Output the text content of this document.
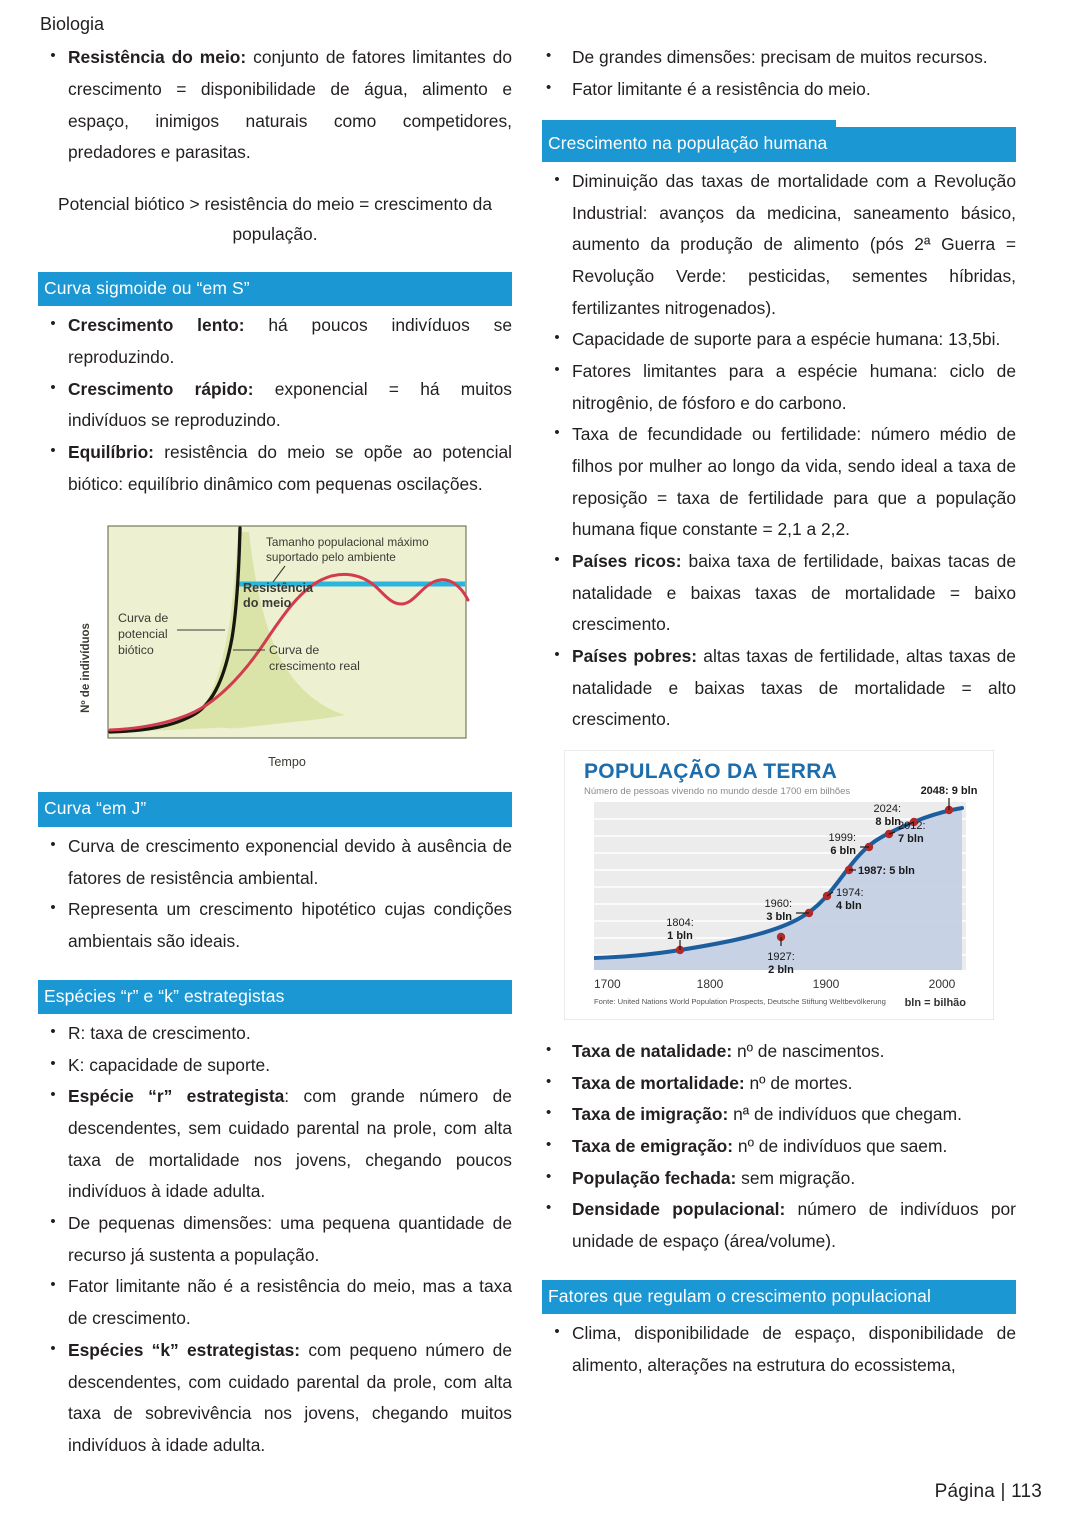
Biologia
• Resistência do meio: conjunto de fatores limitantes do crescimento = disponibilidade de água, alimento e espaço, inimigos naturais como competidores, predadores e parasitas.

Potencial biótico > resistência do meio = crescimento da população.

Curva sigmoide ou “em S”
• Crescimento lento: há poucos indivíduos se reproduzindo.
• Crescimento rápido: exponencial = há muitos indivíduos se reproduzindo.
• Equilíbrio: resistência do meio se opõe ao potencial biótico: equilíbrio dinâmico com pequenas oscilações.
Nº de indivíduos
Tamanho populacional máximo
suportado pelo ambiente
Resistência
do meio
Curva de
potencial
biótico	Curva de
crescimento real
Tempo
Curva “em J”
• Curva de crescimento exponencial devido à ausência de fatores de resistência ambiental.
• Representa um crescimento hipotético cujas condições ambientais são ideais.
Espécies “r” e “k” estrategistas
• R: taxa de crescimento.
• K: capacidade de suporte.
• Espécie “r” estrategista: com grande número de descendentes, sem cuidado parental na prole, com alta taxa de mortalidade nos jovens, chegando poucos indivíduos à idade adulta.
• De pequenas dimensões: uma pequena quantidade de recurso já sustenta a população.
• Fator limitante não é a resistência do meio, mas a taxa de crescimento.
• Espécies “k” estrategistas: com pequeno número de descendentes, com cuidado parental da prole, com alta taxa de sobrevivência nos jovens, chegando muitos indivíduos à idade adulta.
•	De grandes dimensões: precisam de muitos recursos.
•	Fator limitante é a resistência do meio.
Crescimento na população humana
• Diminuição das taxas de mortalidade com a Revolução Industrial: avanços da medicina, saneamento básico, aumento da produção de alimento (pós 2ª Guerra = Revolução Verde: pesticidas, sementes híbridas, fertilizantes nitrogenados).
• Capacidade de suporte para a espécie humana: 13,5bi.
• Fatores limitantes para a espécie humana: ciclo de nitrogênio, de fósforo e do carbono.
• Taxa de fecundidade ou fertilidade: número médio de filhos por mulher ao longo da vida, sendo ideal a taxa de reposição = taxa de fertilidade para que a população humana fique constante = 2,1 a 2,2.
• Países ricos: baixa taxa de fertilidade, baixas tacas de natalidade e baixas taxas de mortalidade = baixo crescimento.
• Países pobres: altas taxas de fertilidade, altas taxas de natalidade e baixas taxas de mortalidade = alto crescimento.
POPULAÇÃO DA TERRA
Número de pessoas vivendo no mundo desde 1700 em bilhões
1804:
1 bln
1927:
2 bln
1960:
3 bln
1974:
4 bln
1987: 5 bln
1999:
6 bln
2012:
7 bln
2024:
8 bln
2048: 9 bln
1700	1800	1900	2000
Fonte: United Nations World Population Prospects, Deutsche Stiftung Weltbevölkerung bln = bilhão
•	Taxa de natalidade: nº de nascimentos.
•	Taxa de mortalidade: nº de mortes.
•	Taxa de imigração: nª de indivíduos que chegam.
•	Taxa de emigração: nº de indivíduos que saem.
•	População fechada: sem migração.
•	Densidade populacional: número de indivíduos por unidade de espaço (área/volume).
Fatores que regulam o crescimento populacional
• Clima, disponibilidade de espaço, disponibilidade de alimento, alterações na estrutura do ecossistema,
Página | 113
